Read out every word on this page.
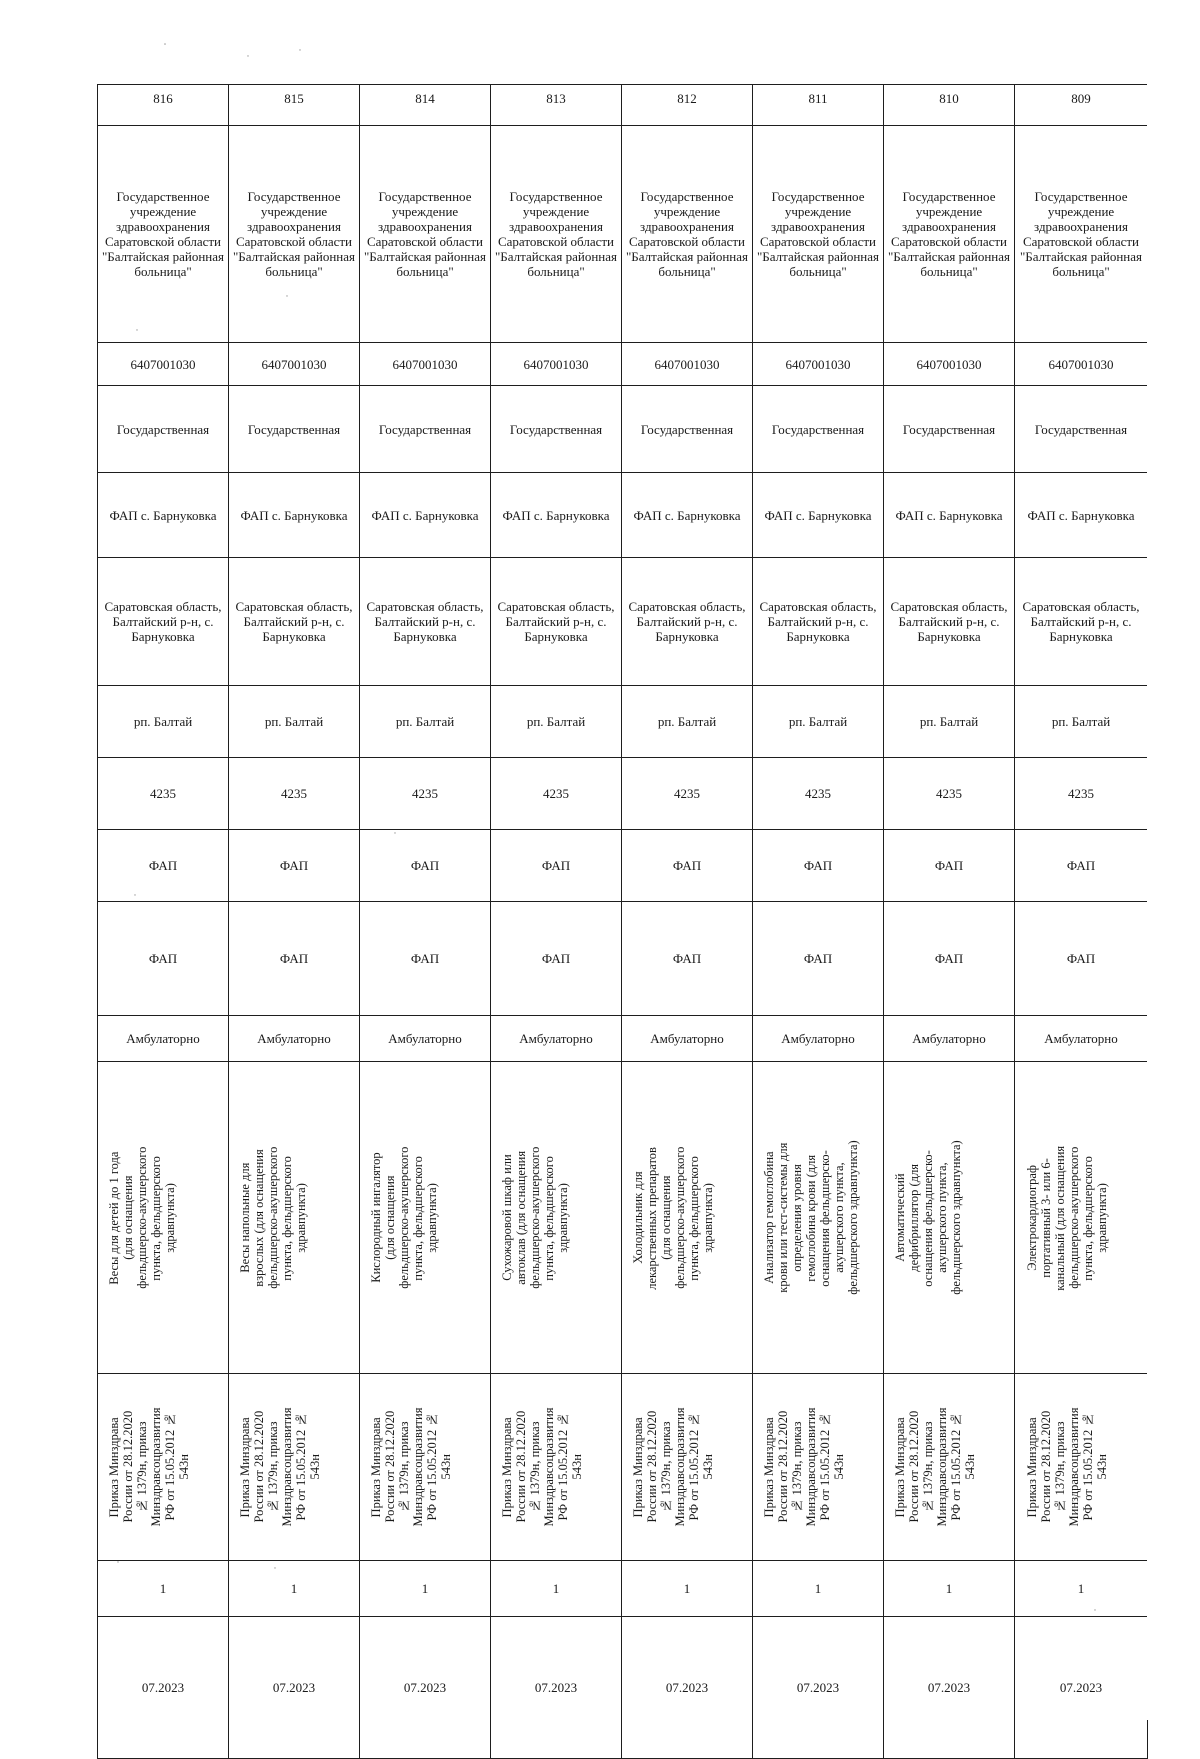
816	815	814	813	812	811	810	809
Государственное учреждение здравоохранения Саратовской области "Балтайская районная больница"	Государственное учреждение здравоохранения Саратовской области "Балтайская районная больница"	Государственное учреждение здравоохранения Саратовской области "Балтайская районная больница"	Государственное учреждение здравоохранения Саратовской области "Балтайская районная больница"	Государственное учреждение здравоохранения Саратовской области "Балтайская районная больница"	Государственное учреждение здравоохранения Саратовской области "Балтайская районная больница"	Государственное учреждение здравоохранения Саратовской области "Балтайская районная больница"	Государственное учреждение здравоохранения Саратовской области "Балтайская районная больница"
6407001030	6407001030	6407001030	6407001030	6407001030	6407001030	6407001030	6407001030
Государственная	Государственная	Государственная	Государственная	Государственная	Государственная	Государственная	Государственная
ФАП с. Барнуковка	ФАП с. Барнуковка	ФАП с. Барнуковка	ФАП с. Барнуковка	ФАП с. Барнуковка	ФАП с. Барнуковка	ФАП с. Барнуковка	ФАП с. Барнуковка
Саратовская область, Балтайский р-н, с. Барнуковка	Саратовская область, Балтайский р-н, с. Барнуковка	Саратовская область, Балтайский р-н, с. Барнуковка	Саратовская область, Балтайский р-н, с. Барнуковка	Саратовская область, Балтайский р-н, с. Барнуковка	Саратовская область, Балтайский р-н, с. Барнуковка	Саратовская область, Балтайский р-н, с. Барнуковка	Саратовская область, Балтайский р-н, с. Барнуковка
рп. Балтай	рп. Балтай	рп. Балтай	рп. Балтай	рп. Балтай	рп. Балтай	рп. Балтай	рп. Балтай
4235	4235	4235	4235	4235	4235	4235	4235
ФАП	ФАП	ФАП	ФАП	ФАП	ФАП	ФАП	ФАП
ФАП	ФАП	ФАП	ФАП	ФАП	ФАП	ФАП	ФАП
Амбулаторно	Амбулаторно	Амбулаторно	Амбулаторно	Амбулаторно	Амбулаторно	Амбулаторно	Амбулаторно

Весы для детей до 1 года (для оснащения фельдшерско-акушерского пункта, фельдшерского здравпункта)	Весы напольные для взрослых (для оснащения фельдшерско-акушерского пункта, фельдшерского здравпункта)	Кислородный ингалятор (для оснащения фельдшерско-акушерского пункта, фельдшерского здравпункта)	Сухожаровой шкаф или автоклав (для оснащения фельдшерско-акушерского пункта, фельдшерского здравпункта)	Холодильник для лекарственных препаратов (для оснащения фельдшерско-акушерского пункта, фельдшерского здравпункта)	Анализатор гемоглобина крови или тест-системы для определения уровня гемоглобина крови (для оснащения фельдшерско-акушерского пункта, фельдшерского здравпункта)	Автоматический дефибриллятор (для оснащения фельдшерско-акушерского пункта, фельдшерского здравпункта)	Электрокардиограф портативный 3- или 6-канальный (для оснащения фельдшерско-акушерского пункта, фельдшерского здравпункта)

Приказ Минздрава России от 28.12.2020 № 1379н, приказ Минздравсоцразвития РФ от 15.05.2012 № 543н	Приказ Минздрава России от 28.12.2020 № 1379н, приказ Минздравсоцразвития РФ от 15.05.2012 № 543н	Приказ Минздрава России от 28.12.2020 № 1379н, приказ Минздравсоцразвития РФ от 15.05.2012 № 543н	Приказ Минздрава России от 28.12.2020 № 1379н, приказ Минздравсоцразвития РФ от 15.05.2012 № 543н	Приказ Минздрава России от 28.12.2020 № 1379н, приказ Минздравсоцразвития РФ от 15.05.2012 № 543н	Приказ Минздрава России от 28.12.2020 № 1379н, приказ Минздравсоцразвития РФ от 15.05.2012 № 543н	Приказ Минздрава России от 28.12.2020 № 1379н, приказ Минздравсоцразвития РФ от 15.05.2012 № 543н	Приказ Минздрава России от 28.12.2020 № 1379н, приказ Минздравсоцразвития РФ от 15.05.2012 № 543н

1	1	1	1	1	1	1	1
07.2023	07.2023	07.2023	07.2023	07.2023	07.2023	07.2023	07.2023
